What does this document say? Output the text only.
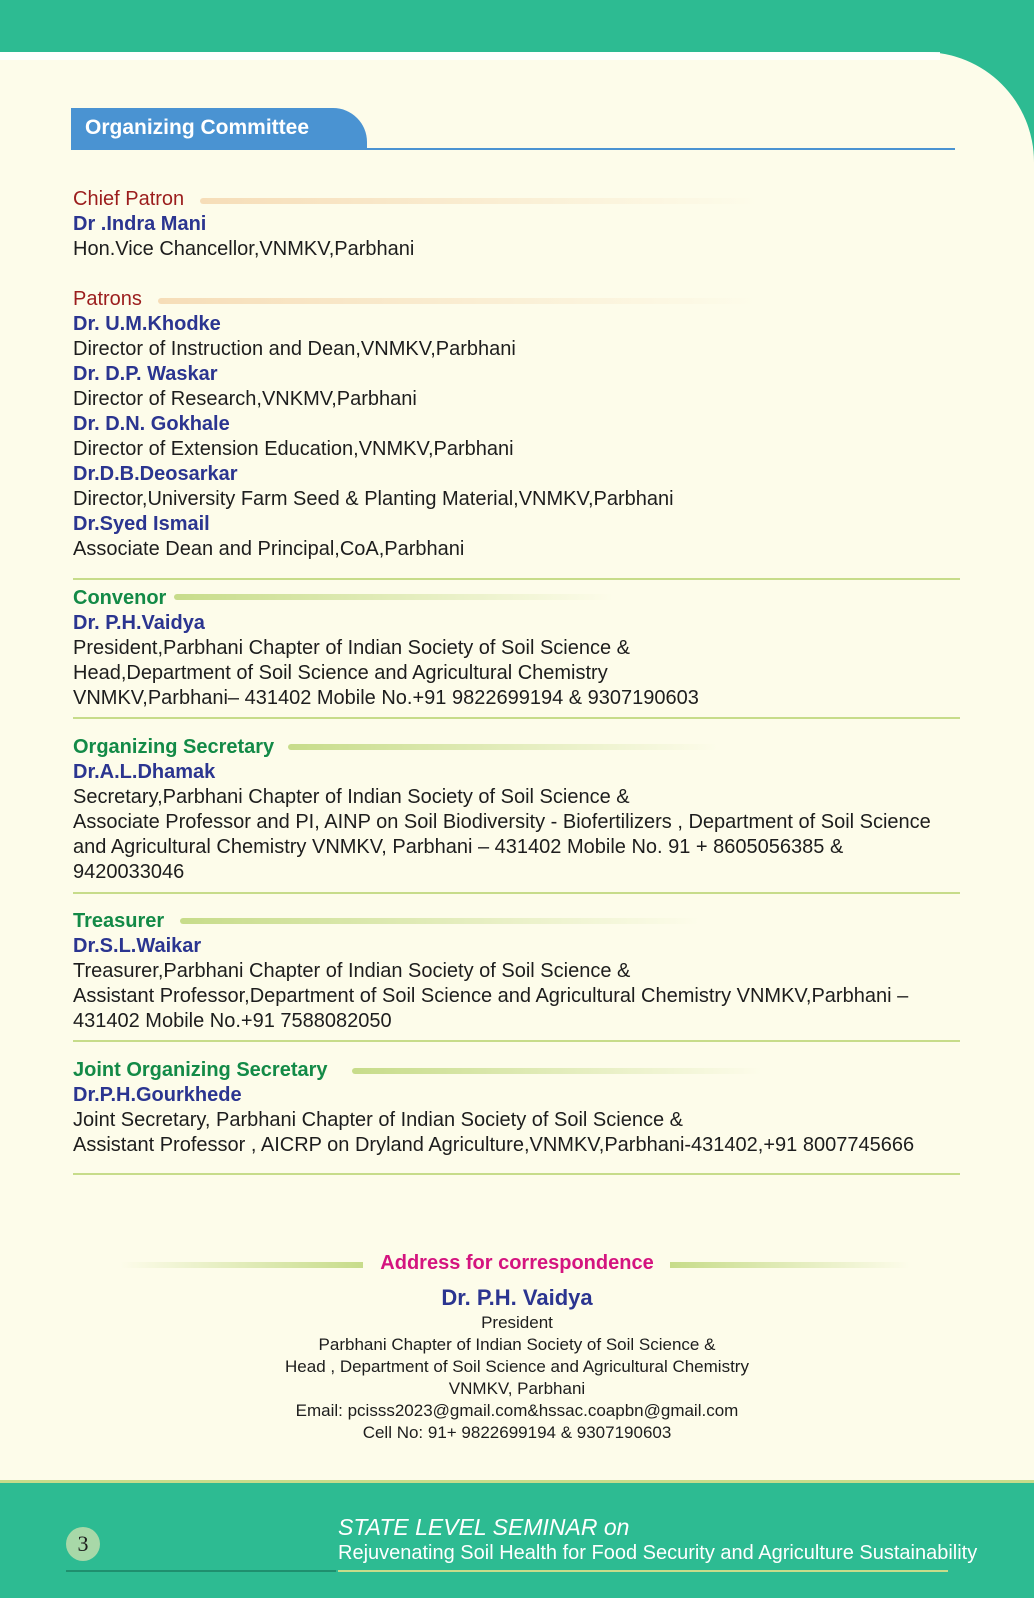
Organizing Committee
Chief Patron
Dr .Indra Mani
Hon.Vice Chancellor,VNMKV,Parbhani
Patrons
Dr. U.M.Khodke
Director of Instruction and Dean,VNMKV,Parbhani
Dr. D.P. Waskar
Director of Research,VNKMV,Parbhani
Dr. D.N. Gokhale
Director of Extension Education,VNMKV,Parbhani
Dr.D.B.Deosarkar
Director,University Farm Seed & Planting Material,VNMKV,Parbhani
Dr.Syed Ismail
Associate Dean and Principal,CoA,Parbhani
Convenor
Dr. P.H.Vaidya
President,Parbhani Chapter of Indian Society of Soil Science &
Head,Department of Soil Science and Agricultural Chemistry
VNMKV,Parbhani– 431402 Mobile No.+91 9822699194 & 9307190603
Organizing Secretary
Dr.A.L.Dhamak
Secretary,Parbhani Chapter of Indian Society of Soil Science &
Associate Professor and PI, AINP on Soil Biodiversity - Biofertilizers , Department of Soil Science
and Agricultural Chemistry VNMKV, Parbhani – 431402 Mobile No. 91 + 8605056385 &
9420033046
Treasurer
Dr.S.L.Waikar
Treasurer,Parbhani Chapter of Indian Society of Soil Science &
Assistant Professor,Department of Soil Science and Agricultural Chemistry VNMKV,Parbhani –
431402 Mobile No.+91 7588082050
Joint Organizing Secretary
Dr.P.H.Gourkhede
Joint Secretary, Parbhani Chapter of Indian Society of Soil Science &
Assistant Professor , AICRP on Dryland Agriculture,VNMKV,Parbhani-431402,+91 8007745666
Address for correspondence
Dr. P.H. Vaidya
President
Parbhani Chapter of Indian Society of Soil Science &
Head , Department of Soil Science and Agricultural Chemistry
VNMKV, Parbhani
Email: pcisss2023@gmail.com&hssac.coapbn@gmail.com
Cell No: 91+ 9822699194 & 9307190603
3
STATE LEVEL SEMINAR on
Rejuvenating Soil Health for Food Security and Agriculture Sustainability
